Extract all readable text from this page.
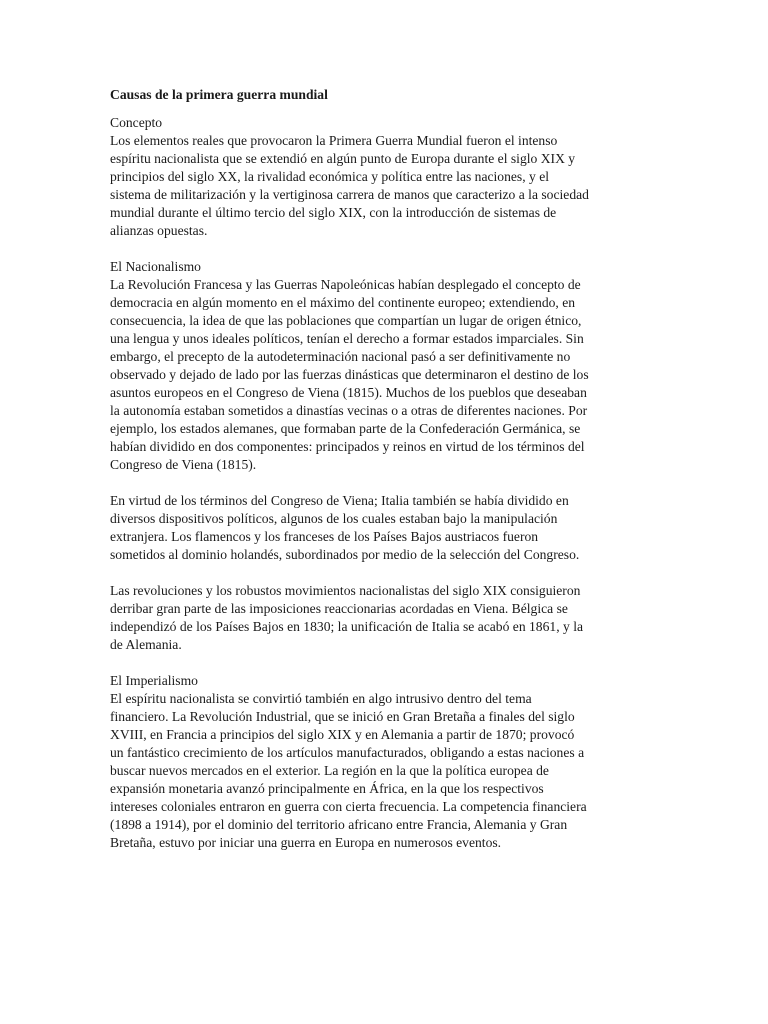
Causas de la primera guerra mundial
Concepto
Los elementos reales que provocaron la Primera Guerra Mundial fueron el intenso
espíritu nacionalista que se extendió en algún punto de Europa durante el siglo XIX y
principios del siglo XX, la rivalidad económica y política entre las naciones, y el
sistema de militarización y la vertiginosa carrera de manos que caracterizo a la sociedad
mundial durante el último tercio del siglo XIX, con la introducción de sistemas de
alianzas opuestas.
El Nacionalismo
La Revolución Francesa y las Guerras Napoleónicas habían desplegado el concepto de
democracia en algún momento en el máximo del continente europeo; extendiendo, en
consecuencia, la idea de que las poblaciones que compartían un lugar de origen étnico,
una lengua y unos ideales políticos, tenían el derecho a formar estados imparciales. Sin
embargo, el precepto de la autodeterminación nacional pasó a ser definitivamente no
observado y dejado de lado por las fuerzas dinásticas que determinaron el destino de los
asuntos europeos en el Congreso de Viena (1815). Muchos de los pueblos que deseaban
la autonomía estaban sometidos a dinastías vecinas o a otras de diferentes naciones. Por
ejemplo, los estados alemanes, que formaban parte de la Confederación Germánica, se
habían dividido en dos componentes: principados y reinos en virtud de los términos del
Congreso de Viena (1815).
En virtud de los términos del Congreso de Viena; Italia también se había dividido en
diversos dispositivos políticos, algunos de los cuales estaban bajo la manipulación
extranjera. Los flamencos y los franceses de los Países Bajos austriacos fueron
sometidos al dominio holandés, subordinados por medio de la selección del Congreso.
Las revoluciones y los robustos movimientos nacionalistas del siglo XIX consiguieron
derribar gran parte de las imposiciones reaccionarias acordadas en Viena. Bélgica se
independizó de los Países Bajos en 1830; la unificación de Italia se acabó en 1861, y la
de Alemania.
El Imperialismo
El espíritu nacionalista se convirtió también en algo intrusivo dentro del tema
financiero. La Revolución Industrial, que se inició en Gran Bretaña a finales del siglo
XVIII, en Francia a principios del siglo XIX y en Alemania a partir de 1870; provocó
un fantástico crecimiento de los artículos manufacturados, obligando a estas naciones a
buscar nuevos mercados en el exterior. La región en la que la política europea de
expansión monetaria avanzó principalmente en África, en la que los respectivos
intereses coloniales entraron en guerra con cierta frecuencia. La competencia financiera
(1898 a 1914), por el dominio del territorio africano entre Francia, Alemania y Gran
Bretaña, estuvo por iniciar una guerra en Europa en numerosos eventos.
